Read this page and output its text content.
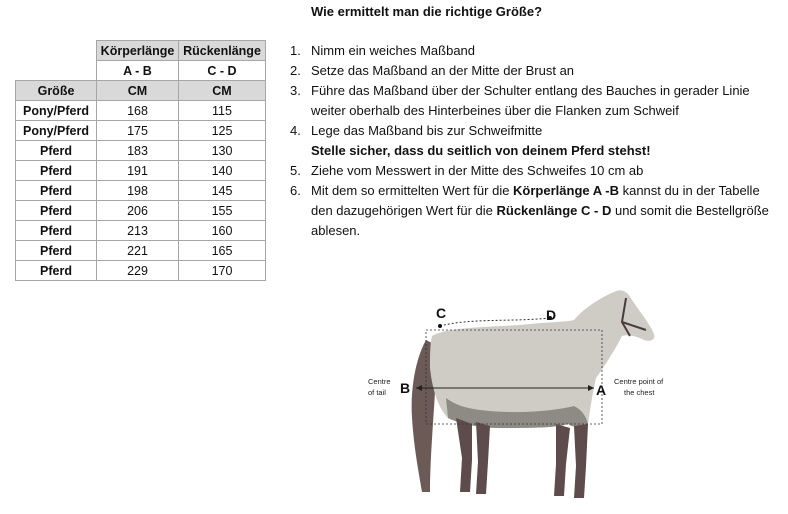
	Körperlänge	Rückenlänge
	A - B	C - D
Größe	CM	CM
Pony/Pferd	168	115
Pony/Pferd	175	125
Pferd	183	130
Pferd	191	140
Pferd	198	145
Pferd	206	155
Pferd	213	160
Pferd	221	165
Pferd	229	170
Wie ermittelt man die richtige Größe?
1. Nimm ein weiches Maßband
2. Setze das Maßband an der Mitte der Brust an
3. Führe das Maßband über der Schulter entlang des Bauches in gerader Linie
weiter oberhalb des Hinterbeines über die Flanken zum Schweif
4. Lege das Maßband bis zur Schweifmitte
Stelle sicher, dass du seitlich von deinem Pferd stehst!
5. Ziehe vom Messwert in der Mitte des Schweifes 10 cm ab
6. Mit dem so ermittelten Wert für die Körperlänge A -B kannst du in der Tabelle
den dazugehörigen Wert für die Rückenlänge C - D und somit die Bestellgröße
ablesen.
C	D
B	A
Centre
of tail
Centre point of
the chest
